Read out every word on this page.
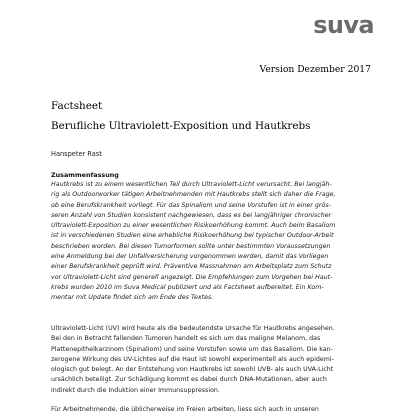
suva
Version Dezember 2017
Factsheet
Berufliche Ultraviolett-Exposition und Hautkrebs
Hanspeter Rast
Zusammenfassung
Hautkrebs ist zu einem wesentlichen Teil durch Ultraviolett-Licht verursacht. Bei langjäh-
rig als Outdoorworker tätigen Arbeitnehmenden mit Hautkrebs stellt sich daher die Frage,
ob eine Berufskrankheit vorliegt. Für das Spinaliom und seine Vorstufen ist in einer grös-
seren Anzahl von Studien konsistent nachgewiesen, dass es bei langjähriger chronischer
Ultraviolett-Exposition zu einer wesentlichen Risikoerhöhung kommt. Auch beim Basaliom
ist in verschiedenen Studien eine erhebliche Risikoerhöhung bei typischer Outdoor-Arbeit
beschrieben worden. Bei diesen Tumorformen sollte unter bestimmten Voraussetzungen
eine Anmeldung bei der Unfallversicherung vorgenommen werden, damit das Vorliegen
einer Berufskrankheit geprüft wird. Präventive Massnahmen am Arbeitsplatz zum Schutz
vor Ultraviolett-Licht sind generell angezeigt. Die Empfehlungen zum Vorgehen bei Haut-
krebs wurden 2010 im Suva Medical publiziert und als Factsheet aufbereitet. Ein Kom-
mentar mit Update findet sich am Ende des Textes.
Ultraviolett-Licht (UV) wird heute als die bedeutendste Ursache für Hautkrebs angesehen.
Bei den in Betracht fallenden Tumoren handelt es sich um das maligne Melanom, das
Plattenepithelkarzinom (Spinaliom) und seine Vorstufen sowie um das Basaliom. Die kan-
zerogene Wirkung des UV-Lichtes auf die Haut ist sowohl experimentell als auch epidemi-
ologisch gut belegt. An der Entstehung von Hautkrebs ist sowohl UVB- als auch UVA-Licht
ursächlich beteiligt. Zur Schädigung kommt es dabei durch DNA-Mutationen, aber auch
indirekt durch die Induktion einer Immunsuppression.
Für Arbeitnehmende, die üblicherweise im Freien arbeiten, liess sich auch in unseren
